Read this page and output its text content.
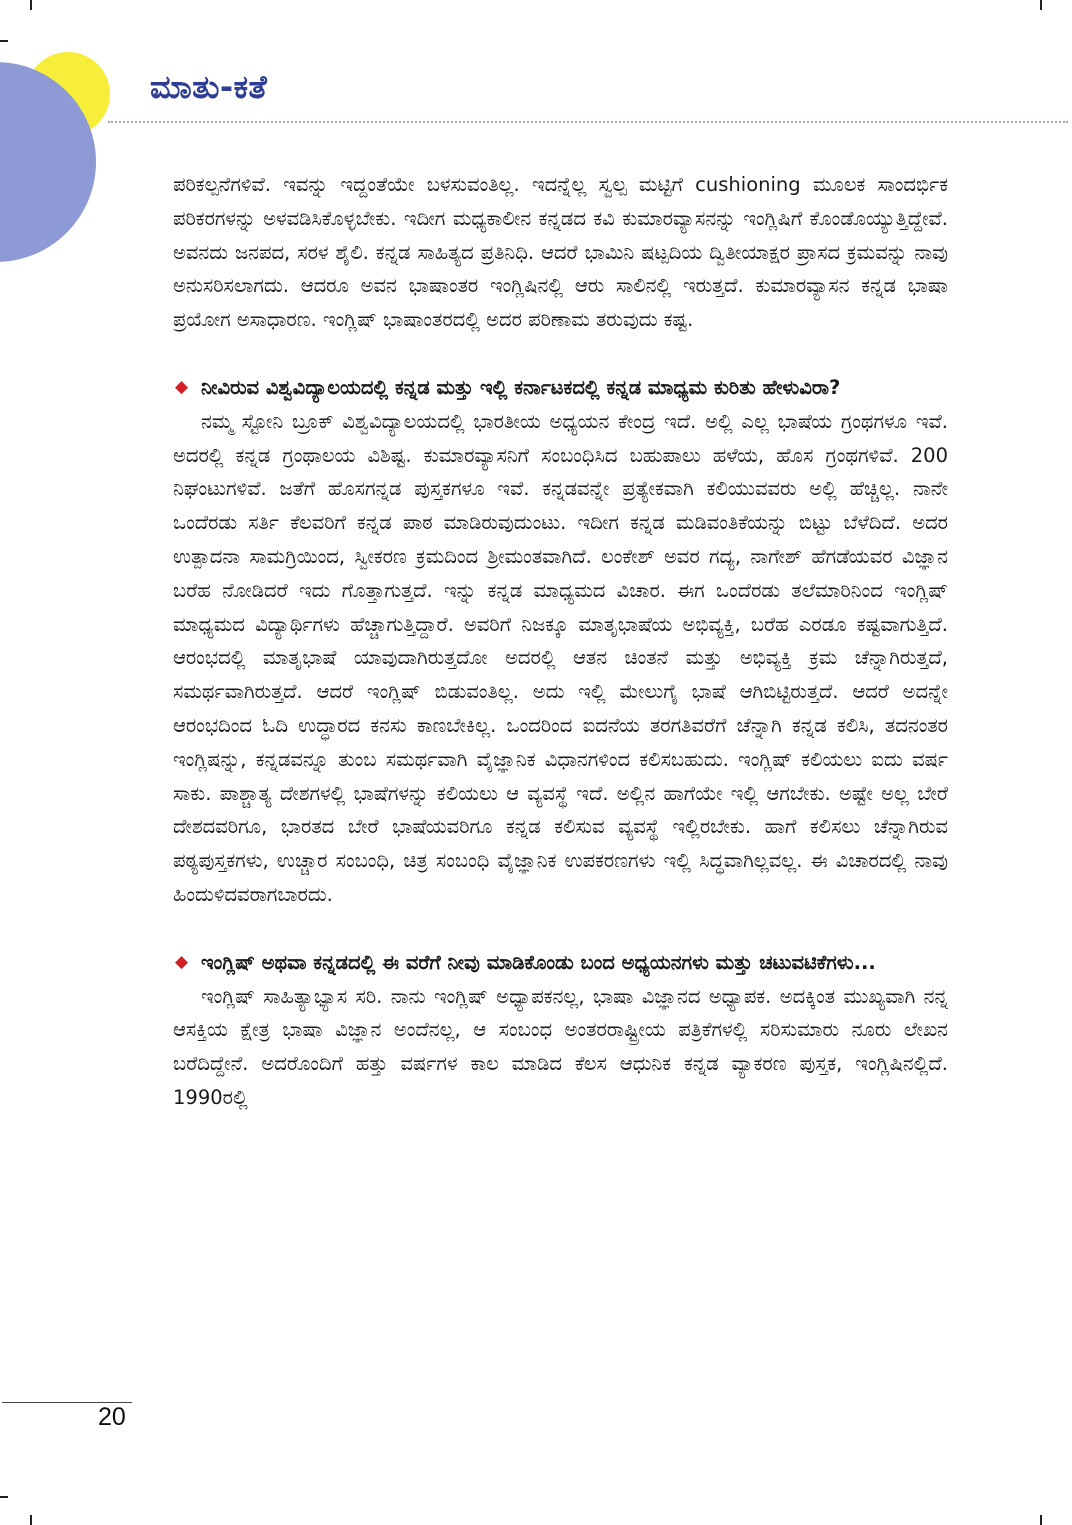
ಮಾತು-ಕತೆ

ಪರಿಕಲ್ಪನೆಗಳಿವೆ. ಇವನ್ನು ಇದ್ದಂತೆಯೇ ಬಳಸುವಂತಿಲ್ಲ. ಇದನ್ನೆಲ್ಲ ಸ್ವಲ್ಪ ಮಟ್ಟಿಗೆ cushioning ಮೂಲಕ ಸಾಂದರ್ಭಿಕ ಪರಿಕರಗಳನ್ನು ಅಳವಡಿಸಿಕೊಳ್ಳಬೇಕು. ಇದೀಗ ಮಧ್ಯಕಾಲೀನ ಕನ್ನಡದ ಕವಿ ಕುಮಾರವ್ಯಾಸನನ್ನು ಇಂಗ್ಲಿಷಿಗೆ ಕೊಂಡೊಯ್ಯುತ್ತಿದ್ದೇವೆ. ಅವನದು ಜನಪದ, ಸರಳ ಶೈಲಿ. ಕನ್ನಡ ಸಾಹಿತ್ಯದ ಪ್ರತಿನಿಧಿ. ಆದರೆ ಭಾಮಿನಿ ಷಟ್ಪದಿಯ ದ್ವಿತೀಯಾಕ್ಷರ ಪ್ರಾಸದ ಕ್ರಮವನ್ನು ನಾವು ಅನುಸರಿಸಲಾಗದು. ಆದರೂ ಅವನ ಭಾಷಾಂತರ ಇಂಗ್ಲಿಷಿನಲ್ಲಿ ಆರು ಸಾಲಿನಲ್ಲಿ ಇರುತ್ತದೆ. ಕುಮಾರವ್ಯಾಸನ ಕನ್ನಡ ಭಾಷಾ ಪ್ರಯೋಗ ಅಸಾಧಾರಣ. ಇಂಗ್ಲಿಷ್ ಭಾಷಾಂತರದಲ್ಲಿ ಅದರ ಪರಿಣಾಮ ತರುವುದು ಕಷ್ಟ.

◆ ನೀವಿರುವ ವಿಶ್ವವಿದ್ಯಾಲಯದಲ್ಲಿ ಕನ್ನಡ ಮತ್ತು ಇಲ್ಲಿ ಕರ್ನಾಟಕದಲ್ಲಿ ಕನ್ನಡ ಮಾಧ್ಯಮ ಕುರಿತು ಹೇಳುವಿರಾ?

ನಮ್ಮ ಸ್ಟೋನಿ ಬ್ರೂಕ್ ವಿಶ್ವವಿದ್ಯಾಲಯದಲ್ಲಿ ಭಾರತೀಯ ಅಧ್ಯಯನ ಕೇಂದ್ರ ಇದೆ. ಅಲ್ಲಿ ಎಲ್ಲ ಭಾಷೆಯ ಗ್ರಂಥಗಳೂ ಇವೆ. ಅದರಲ್ಲಿ ಕನ್ನಡ ಗ್ರಂಥಾಲಯ ವಿಶಿಷ್ಟ. ಕುಮಾರವ್ಯಾಸನಿಗೆ ಸಂಬಂಧಿಸಿದ ಬಹುಪಾಲು ಹಳೆಯ, ಹೊಸ ಗ್ರಂಥಗಳಿವೆ. 200 ನಿಘಂಟುಗಳಿವೆ. ಜತೆಗೆ ಹೊಸಗನ್ನಡ ಪುಸ್ತಕಗಳೂ ಇವೆ. ಕನ್ನಡವನ್ನೇ ಪ್ರತ್ಯೇಕವಾಗಿ ಕಲಿಯುವವರು ಅಲ್ಲಿ ಹೆಚ್ಚಿಲ್ಲ. ನಾನೇ ಒಂದೆರಡು ಸರ್ತಿ ಕೆಲವರಿಗೆ ಕನ್ನಡ ಪಾಠ ಮಾಡಿರುವುದುಂಟು. ಇದೀಗ ಕನ್ನಡ ಮಡಿವಂತಿಕೆಯನ್ನು ಬಿಟ್ಟು ಬೆಳೆದಿದೆ. ಅದರ ಉತ್ಪಾದನಾ ಸಾಮಗ್ರಿಯಿಂದ, ಸ್ವೀಕರಣ ಕ್ರಮದಿಂದ ಶ್ರೀಮಂತವಾಗಿದೆ. ಲಂಕೇಶ್ ಅವರ ಗದ್ಯ, ನಾಗೇಶ್ ಹೆಗಡೆಯವರ ವಿಜ್ಞಾನ ಬರೆಹ ನೋಡಿದರೆ ಇದು ಗೊತ್ತಾಗುತ್ತದೆ. ಇನ್ನು ಕನ್ನಡ ಮಾಧ್ಯಮದ ವಿಚಾರ. ಈಗ ಒಂದೆರಡು ತಲೆಮಾರಿನಿಂದ ಇಂಗ್ಲಿಷ್ ಮಾಧ್ಯಮದ ವಿದ್ಯಾರ್ಥಿಗಳು ಹೆಚ್ಚಾಗುತ್ತಿದ್ದಾರೆ. ಅವರಿಗೆ ನಿಜಕ್ಕೂ ಮಾತೃಭಾಷೆಯ ಅಭಿವ್ಯಕ್ತಿ, ಬರೆಹ ಎರಡೂ ಕಷ್ಟವಾಗುತ್ತಿದೆ. ಆರಂಭದಲ್ಲಿ ಮಾತೃಭಾಷೆ ಯಾವುದಾಗಿರುತ್ತದೋ ಅದರಲ್ಲಿ ಆತನ ಚಿಂತನೆ ಮತ್ತು ಅಭಿವ್ಯಕ್ತಿ ಕ್ರಮ ಚೆನ್ನಾಗಿರುತ್ತದೆ, ಸಮರ್ಥವಾಗಿರುತ್ತದೆ. ಆದರೆ ಇಂಗ್ಲಿಷ್ ಬಿಡುವಂತಿಲ್ಲ. ಅದು ಇಲ್ಲಿ ಮೇಲುಗೈ ಭಾಷೆ ಆಗಿಬಿಟ್ಟಿರುತ್ತದೆ. ಆದರೆ ಅದನ್ನೇ ಆರಂಭದಿಂದ ಓದಿ ಉದ್ಧಾರದ ಕನಸು ಕಾಣಬೇಕಿಲ್ಲ. ಒಂದರಿಂದ ಐದನೆಯ ತರಗತಿವರೆಗೆ ಚೆನ್ನಾಗಿ ಕನ್ನಡ ಕಲಿಸಿ, ತದನಂತರ ಇಂಗ್ಲಿಷನ್ನು, ಕನ್ನಡವನ್ನೂ ತುಂಬ ಸಮರ್ಥವಾಗಿ ವೈಜ್ಞಾನಿಕ ವಿಧಾನಗಳಿಂದ ಕಲಿಸಬಹುದು. ಇಂಗ್ಲಿಷ್ ಕಲಿಯಲು ಐದು ವರ್ಷ ಸಾಕು. ಪಾಶ್ಚಾತ್ಯ ದೇಶಗಳಲ್ಲಿ ಭಾಷೆಗಳನ್ನು ಕಲಿಯಲು ಆ ವ್ಯವಸ್ಥೆ ಇದೆ. ಅಲ್ಲಿನ ಹಾಗೆಯೇ ಇಲ್ಲಿ ಆಗಬೇಕು. ಅಷ್ಟೇ ಅಲ್ಲ ಬೇರೆ ದೇಶದವರಿಗೂ, ಭಾರತದ ಬೇರೆ ಭಾಷೆಯವರಿಗೂ ಕನ್ನಡ ಕಲಿಸುವ ವ್ಯವಸ್ಥೆ ಇಲ್ಲಿರಬೇಕು. ಹಾಗೆ ಕಲಿಸಲು ಚೆನ್ನಾಗಿರುವ ಪಠ್ಯಪುಸ್ತಕಗಳು, ಉಚ್ಚಾರ ಸಂಬಂಧಿ, ಚಿತ್ರ ಸಂಬಂಧಿ ವೈಜ್ಞಾನಿಕ ಉಪಕರಣಗಳು ಇಲ್ಲಿ ಸಿದ್ಧವಾಗಿಲ್ಲವಲ್ಲ. ಈ ವಿಚಾರದಲ್ಲಿ ನಾವು ಹಿಂದುಳಿದವರಾಗಬಾರದು.

◆ ಇಂಗ್ಲಿಷ್ ಅಥವಾ ಕನ್ನಡದಲ್ಲಿ ಈ ವರೆಗೆ ನೀವು ಮಾಡಿಕೊಂಡು ಬಂದ ಅಧ್ಯಯನಗಳು ಮತ್ತು ಚಟುವಟಿಕೆಗಳು...

ಇಂಗ್ಲಿಷ್ ಸಾಹಿತ್ಯಾಭ್ಯಾಸ ಸರಿ. ನಾನು ಇಂಗ್ಲಿಷ್ ಅಧ್ಯಾಪಕನಲ್ಲ, ಭಾಷಾ ವಿಜ್ಞಾನದ ಅಧ್ಯಾಪಕ. ಅದಕ್ಕಿಂತ ಮುಖ್ಯವಾಗಿ ನನ್ನ ಆಸಕ್ತಿಯ ಕ್ಷೇತ್ರ ಭಾಷಾ ವಿಜ್ಞಾನ ಅಂದೆನಲ್ಲ, ಆ ಸಂಬಂಧ ಅಂತರರಾಷ್ಟ್ರೀಯ ಪತ್ರಿಕೆಗಳಲ್ಲಿ ಸರಿಸುಮಾರು ನೂರು ಲೇಖನ ಬರೆದಿದ್ದೇನೆ. ಅದರೊಂದಿಗೆ ಹತ್ತು ವರ್ಷಗಳ ಕಾಲ ಮಾಡಿದ ಕೆಲಸ ಆಧುನಿಕ ಕನ್ನಡ ವ್ಯಾಕರಣ ಪುಸ್ತಕ, ಇಂಗ್ಲಿಷಿನಲ್ಲಿದೆ. 1990ರಲ್ಲಿ

20
